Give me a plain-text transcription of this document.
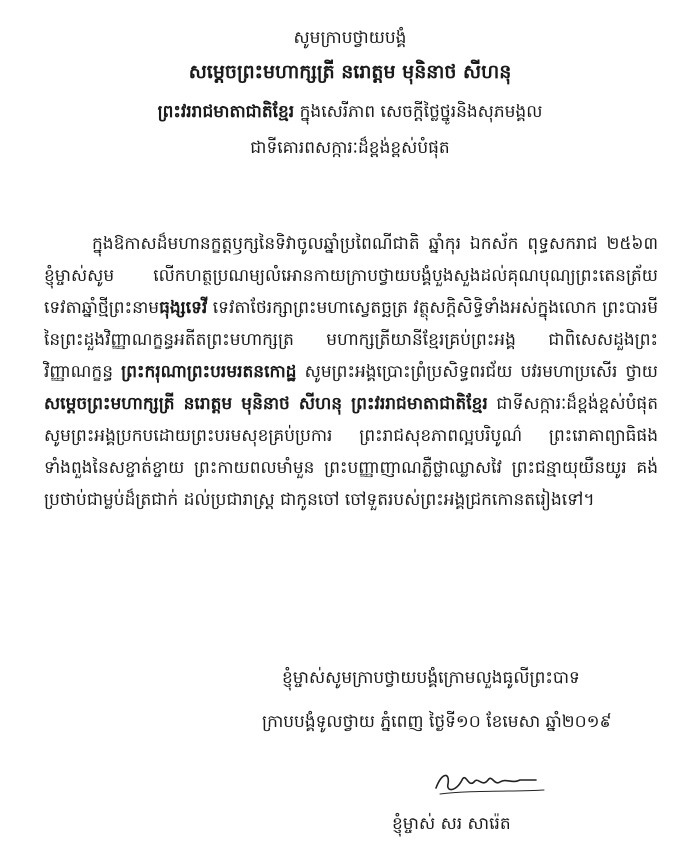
សូមក្រាបថ្វាយបង្គំ
សម្តេចព្រះមហាក្សត្រី នរោត្តម មុនិនាថ សីហនុ
ព្រះវររាជមាតាជាតិខ្មែរ ក្នុងសេរីភាព សេចក្តីថ្លៃថ្នូរនិងសុភមង្គល
ជាទីគោរពសក្ការៈដ៏ខ្ពង់ខ្ពស់បំផុត
ក្នុងឱកាសដ៏មហានក្ខត្តឫក្សនៃទិវាចូលឆ្នាំប្រពៃណីជាតិ ឆ្នាំកុរ ឯកស័ក ពុទ្ធសករាជ ២៥៦៣ ខ្ញុំម្ចាស់សូម លើកហត្ថប្រណម្យលំអោនកាយក្រាបថ្វាយបង្គំបួងសួងដល់គុណបុណ្យព្រះតេនត្រ័យ ទេវតាឆ្នាំថ្មីព្រះនាមធុង្សទេវី ទេវតាថែរក្សាព្រះមហាស្វេតច្ឆត្រ វត្ថុសក្តិសិទ្ធិទាំងអស់ក្នុងលោក ព្រះបារមីនៃព្រះដួងវិញ្ញាណក្ខន្ធអតីតព្រះមហាក្សត្រ មហាក្សត្រីយានីខ្មែរគ្រប់ព្រះអង្គ ជាពិសេសដួងព្រះវិញ្ញាណក្ខន្ធ ព្រះករុណាព្រះបរមរតនកោដ្ឋ សូមព្រះអង្គប្រោះព្រំប្រសិទ្ធពរជ័យ បវរមហាប្រសើរ ថ្វាយសម្តេចព្រះមហាក្សត្រី នរោត្តម មុនិនាថ សីហនុ ព្រះវររាជមាតាជាតិខ្មែរ ជាទីសក្ការៈដ៏ខ្ពង់ខ្ពស់បំផុត សូមព្រះអង្គប្រកបដោយព្រះបរមសុខគ្រប់ប្រការ ព្រះរាជសុខភាពល្អបរិបូណ៌ ព្រះរោគាព្យាធិផងទាំងពួងនៃសខ្ចាត់ខ្ចាយ ព្រះកាយពលមាំមួន ព្រះបញ្ញាញាណភ្លឺថ្លាឈ្លាសវៃ ព្រះជន្មាយុយឺនយូរ គង់ប្រថាប់ជាម្លប់ដ៏ត្រជាក់ ដល់ប្រជារាស្ត្រ ជាកូនចៅ ចៅទួតរបស់ព្រះអង្គជ្រកកោនតរៀងទៅ។
ខ្ញុំម្ចាស់សូមក្រាបថ្វាយបង្គំក្រោមលួងធូលីព្រះបាទ
ក្រាបបង្គំទូលថ្វាយ ភ្នំពេញ ថ្ងៃទី១០ ខែមេសា ឆ្នាំ២០១៩
ខ្ញុំម្ចាស់ សរ សារ៉េត
